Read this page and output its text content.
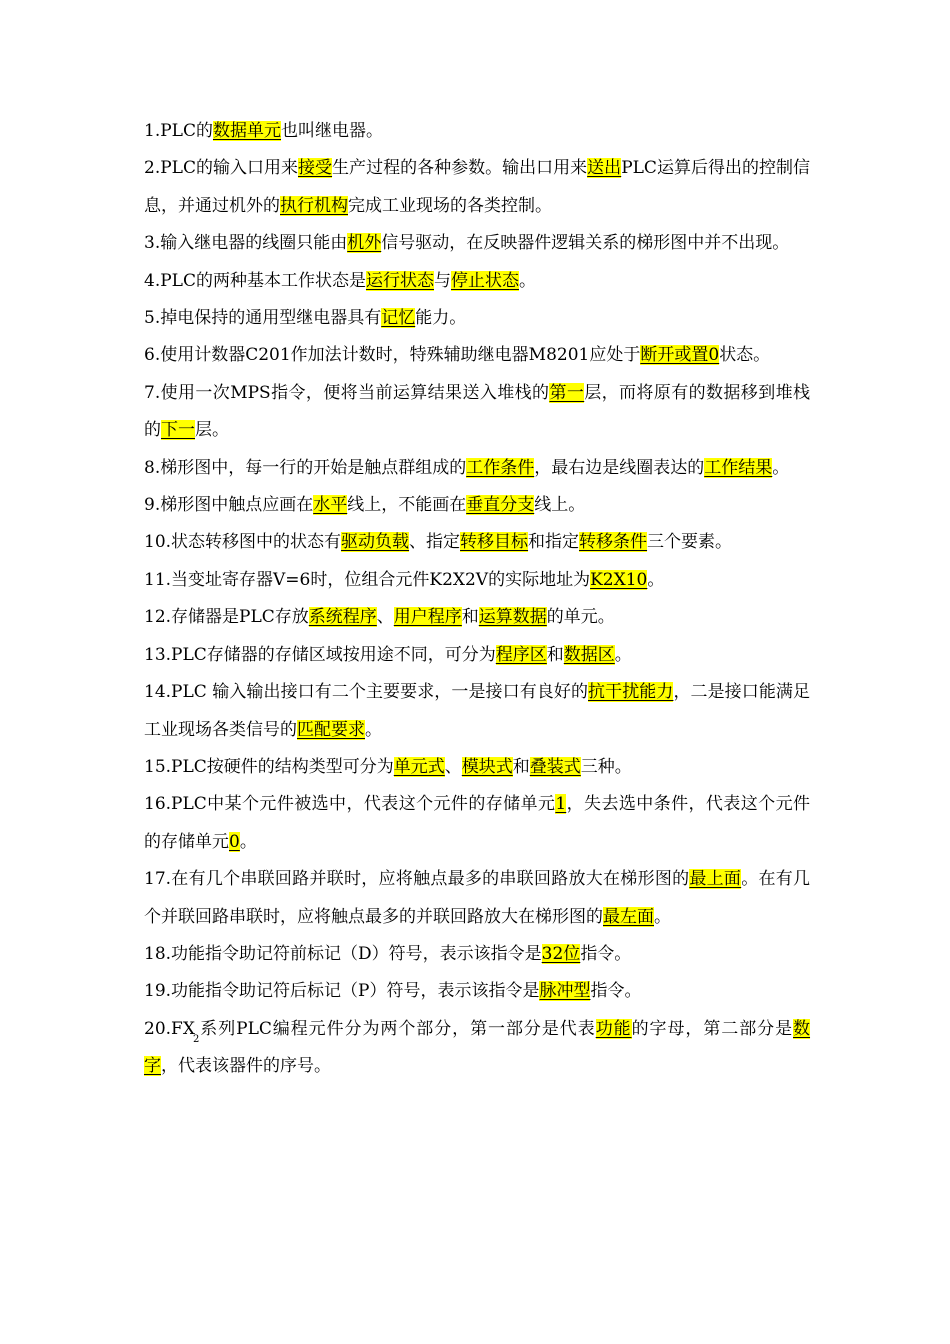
1.PLC的数据单元也叫继电器。

2.PLC的输入口用来接受生产过程的各种参数。输出口用来送出PLC运算后得出的控制信息，并通过机外的执行机构完成工业现场的各类控制。

3.输入继电器的线圈只能由机外信号驱动，在反映器件逻辑关系的梯形图中并不出现。

4.PLC的两种基本工作状态是运行状态与停止状态。

5.掉电保持的通用型继电器具有记忆能力。

6.使用计数器C201作加法计数时，特殊辅助继电器M8201应处于断开或置0状态。

7.使用一次MPS指令，便将当前运算结果送入堆栈的第一层，而将原有的数据移到堆栈的下一层。

8.梯形图中，每一行的开始是触点群组成的工作条件，最右边是线圈表达的工作结果。

9.梯形图中触点应画在水平线上，不能画在垂直分支线上。

10.状态转移图中的状态有驱动负载、指定转移目标和指定转移条件三个要素。

11.当变址寄存器V=6时，位组合元件K2X2V的实际地址为K2X10。

12.存储器是PLC存放系统程序、用户程序和运算数据的单元。

13.PLC存储器的存储区域按用途不同，可分为程序区和数据区。

14.PLC 输入输出接口有二个主要要求，一是接口有良好的抗干扰能力，二是接口能满足工业现场各类信号的匹配要求。

15.PLC按硬件的结构类型可分为单元式、模块式和叠装式三种。

16.PLC中某个元件被选中，代表这个元件的存储单元1，失去选中条件，代表这个元件的存储单元0。

17.在有几个串联回路并联时，应将触点最多的串联回路放大在梯形图的最上面。在有几个并联回路串联时，应将触点最多的并联回路放大在梯形图的最左面。

18.功能指令助记符前标记（D）符号，表示该指令是32位指令。

19.功能指令助记符后标记（P）符号，表示该指令是脉冲型指令。

$20.FX_2$系列PLC编程元件分为两个部分，第一部分是代表功能的字母，第二部分是数字，代表该器件的序号。
